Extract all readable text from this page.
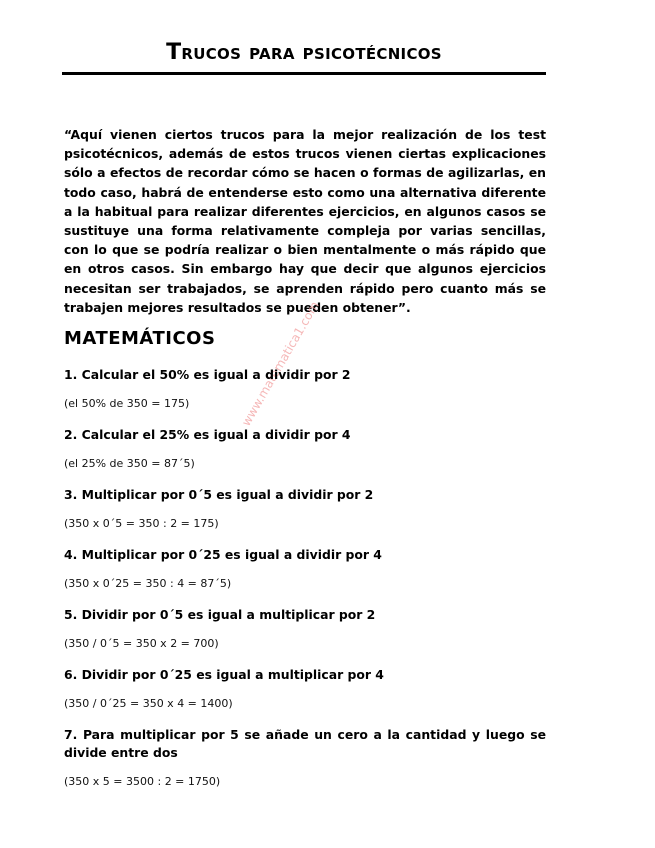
Trucos para psicotécnicos
“Aquí vienen ciertos trucos para la mejor realización de los test psicotécnicos, además de estos trucos vienen ciertas explicaciones sólo a efectos de recordar cómo se hacen o formas de agilizarlas, en todo caso, habrá de entenderse esto como una alternativa diferente a la habitual para realizar diferentes ejercicios, en algunos casos se sustituye una forma relativamente compleja por varias sencillas, con lo que se podría realizar o bien mentalmente o más rápido que en otros casos. Sin embargo hay que decir que algunos ejercicios necesitan ser trabajados, se aprenden rápido pero cuanto más se trabajen mejores resultados se pueden obtener”.
MATEMÁTICOS www.matematica1.com
1. Calcular el 50% es igual a dividir por 2
(el 50% de 350 = 175)
2. Calcular el 25% es igual a dividir por 4
(el 25% de 350 = 87´5)
3. Multiplicar por 0´5 es igual a dividir por 2
(350 x 0´5 = 350 : 2 = 175)
4. Multiplicar por 0´25 es igual a dividir por 4
(350 x 0´25 = 350 : 4 = 87´5)
5. Dividir por 0´5 es igual a multiplicar por 2
(350 / 0´5 = 350 x 2 = 700)
6. Dividir por 0´25 es igual a multiplicar por 4
(350 / 0´25 = 350 x 4 = 1400)
7. Para multiplicar por 5 se añade un cero a la cantidad y luego se divide entre dos
(350 x 5 = 3500 : 2 = 1750)
